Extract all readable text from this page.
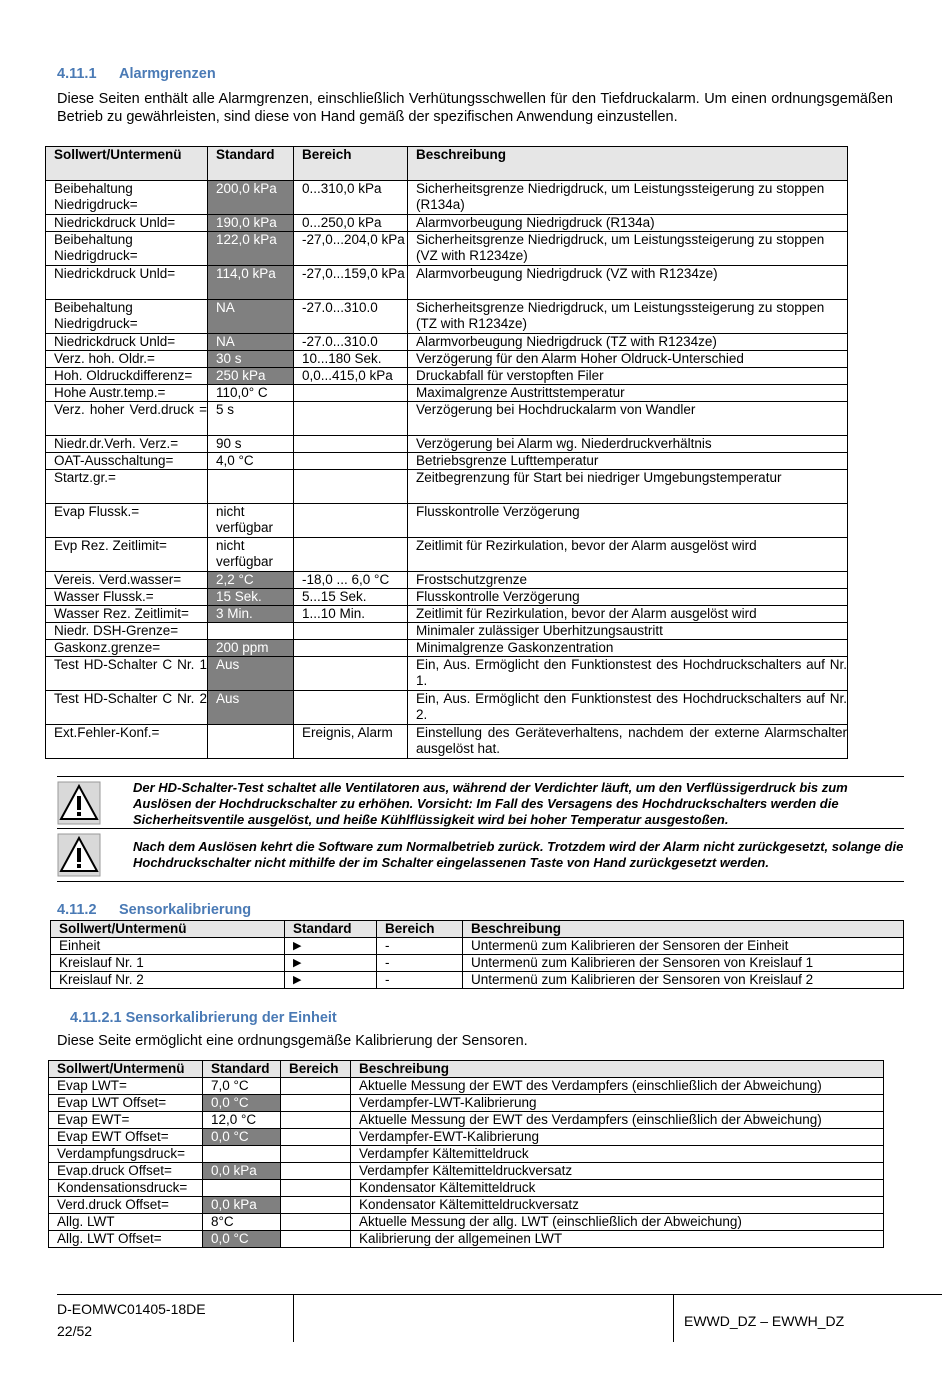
4.11.1 Alarmgrenzen
Diese Seiten enthält alle Alarmgrenzen, einschließlich Verhütungsschwellen für den Tiefdruckalarm. Um einen ordnungsgemäßen Betrieb zu gewährleisten, sind diese von Hand gemäß der spezifischen Anwendung einzustellen.
Sollwert/Untermenü	Standard	Bereich	Beschreibung
Beibehaltung Niedrigdruck=	200,0 kPa	0...310,0 kPa	Sicherheitsgrenze Niedrigdruck, um Leistungssteigerung zu stoppen (R134a)
Niedrickdruck Unld=	190,0 kPa	0...250,0 kPa	Alarmvorbeugung Niedrigdruck (R134a)
Beibehaltung Niedrigdruck=	122,0 kPa	-27,0...204,0 kPa	Sicherheitsgrenze Niedrigdruck, um Leistungssteigerung zu stoppen (VZ with R1234ze)
Niedrickdruck Unld=	114,0 kPa	-27,0...159,0 kPa	Alarmvorbeugung Niedrigdruck (VZ with R1234ze)
Beibehaltung Niedrigdruck=	NA	-27.0...310.0	Sicherheitsgrenze Niedrigdruck, um Leistungssteigerung zu stoppen (TZ with R1234ze)
Niedrickdruck Unld=	NA	-27.0...310.0	Alarmvorbeugung Niedrigdruck (TZ with R1234ze)
Verz. hoh. Oldr.=	30 s	10...180 Sek.	Verzögerung für den Alarm Hoher Oldruck-Unterschied
Hoh. Oldruckdifferenz=	250 kPa	0,0...415,0 kPa	Druckabfall für verstopften Filer
Hohe Austr.temp.=	110,0° C		Maximalgrenze Austrittstemperatur
Verz. hoher Verd.druck =	5 s		Verzögerung bei Hochdruckalarm von Wandler
Niedr.dr.Verh. Verz.=	90 s		Verzögerung bei Alarm wg. Niederdruckverhältnis
OAT-Ausschaltung=	4,0 °C		Betriebsgrenze Lufttemperatur
Startz.gr.=			Zeitbegrenzung für Start bei niedriger Umgebungstemperatur
Evap Flussk.=	nicht verfügbar		Flusskontrolle Verzögerung
Evp Rez. Zeitlimit=	nicht verfügbar		Zeitlimit für Rezirkulation, bevor der Alarm ausgelöst wird
Vereis. Verd.wasser=	2,2 °C	-18,0 ... 6,0 °C	Frostschutzgrenze
Wasser Flussk.=	15 Sek.	5...15 Sek.	Flusskontrolle Verzögerung
Wasser Rez. Zeitlimit=	3 Min.	1...10 Min.	Zeitlimit für Rezirkulation, bevor der Alarm ausgelöst wird
Niedr. DSH-Grenze=			Minimaler zulässiger Uberhitzungsaustritt
Gaskonz.grenze=	200 ppm		Minimalgrenze Gaskonzentration
Test HD-Schalter C Nr. 1	Aus		Ein, Aus. Ermöglicht den Funktionstest des Hochdruckschalters auf Nr. 1.
Test HD-Schalter C Nr. 2	Aus		Ein, Aus. Ermöglicht den Funktionstest des Hochdruckschalters auf Nr. 2.
Ext.Fehler-Konf.=		Ereignis, Alarm	Einstellung des Geräteverhaltens, nachdem der externe Alarmschalter ausgelöst hat.
Der HD-Schalter-Test schaltet alle Ventilatoren aus, während der Verdichter läuft, um den Verflüssigerdruck bis zum Auslösen der Hochdruckschalter zu erhöhen. Vorsicht: Im Fall des Versagens des Hochdruckschalters werden die Sicherheitsventile ausgelöst, und heiße Kühlflüssigkeit wird bei hoher Temperatur ausgestoßen.
Nach dem Auslösen kehrt die Software zum Normalbetrieb zurück. Trotzdem wird der Alarm nicht zurückgesetzt, solange die Hochdruckschalter nicht mithilfe der im Schalter eingelassenen Taste von Hand zurückgesetzt werden.
4.11.2 Sensorkalibrierung
Sollwert/Untermenü	Standard	Bereich	Beschreibung
Einheit	▶	-	Untermenü zum Kalibrieren der Sensoren der Einheit
Kreislauf Nr. 1	▶	-	Untermenü zum Kalibrieren der Sensoren von Kreislauf 1
Kreislauf Nr. 2	▶	-	Untermenü zum Kalibrieren der Sensoren von Kreislauf 2
4.11.2.1 Sensorkalibrierung der Einheit
Diese Seite ermöglicht eine ordnungsgemäße Kalibrierung der Sensoren.
Sollwert/Untermenü	Standard	Bereich	Beschreibung
Evap LWT=	7,0 °C		Aktuelle Messung der EWT des Verdampfers (einschließlich der Abweichung)
Evap LWT Offset=	0,0 °C		Verdampfer-LWT-Kalibrierung
Evap EWT=	12,0 °C		Aktuelle Messung der EWT des Verdampfers (einschließlich der Abweichung)
Evap EWT Offset=	0,0 °C		Verdampfer-EWT-Kalibrierung
Verdampfungsdruck=			Verdampfer Kältemitteldruck
Evap.druck Offset=	0,0 kPa		Verdampfer Kältemitteldruckversatz
Kondensationsdruck=			Kondensator Kältemitteldruck
Verd.druck Offset=	0,0 kPa		Kondensator Kältemitteldruckversatz
Allg. LWT	8°C		Aktuelle Messung der allg. LWT (einschließlich der Abweichung)
Allg. LWT Offset=	0,0 °C		Kalibrierung der allgemeinen LWT
D-EOMWC01405-18DE
22/52
EWWD_DZ – EWWH_DZ
